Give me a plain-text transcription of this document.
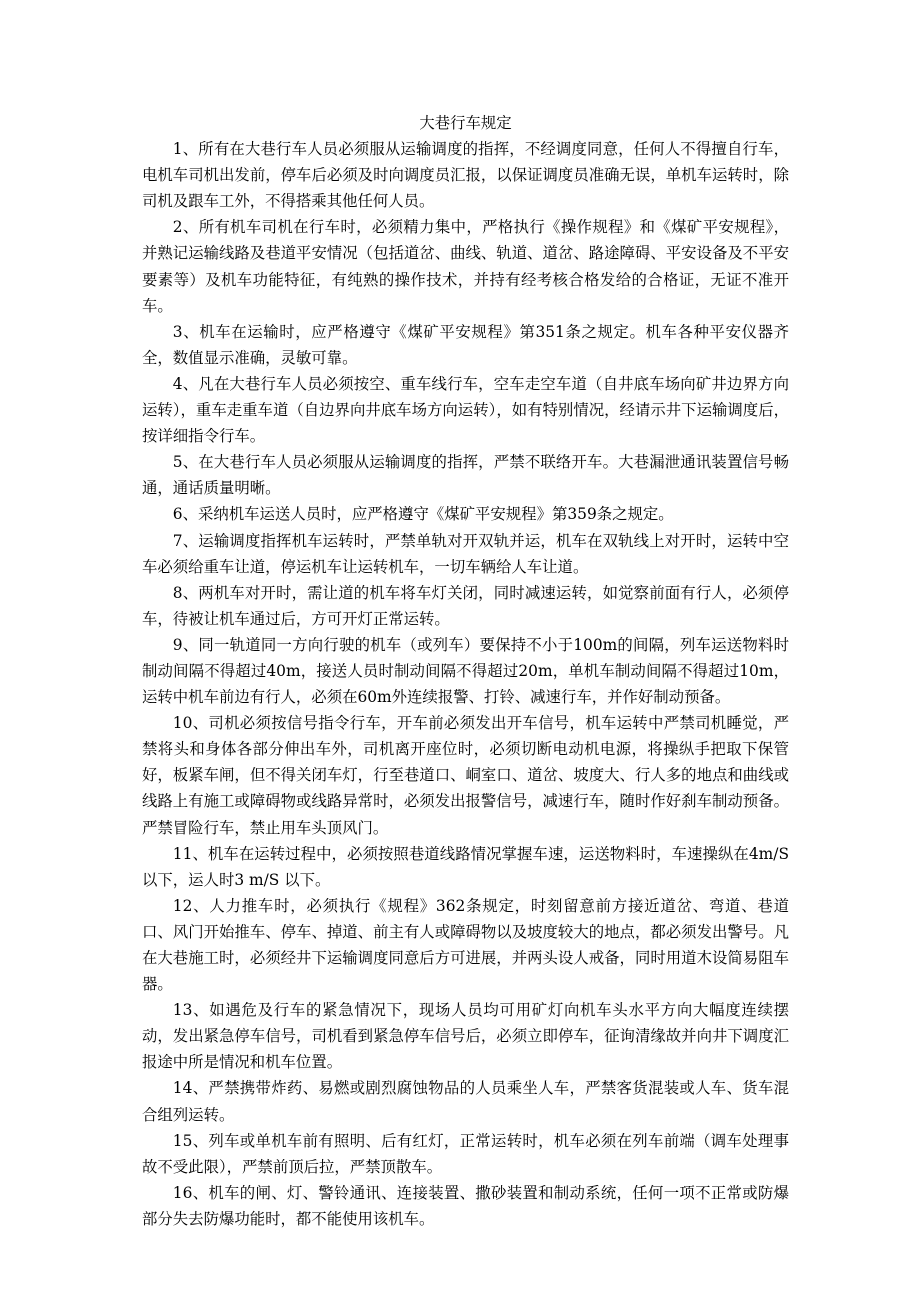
大巷行车规定

1、所有在大巷行车人员必须服从运输调度的指挥，不经调度同意，任何人不得擅自行车，电机车司机出发前，停车后必须及时向调度员汇报，以保证调度员准确无误，单机车运转时，除司机及跟车工外，不得搭乘其他任何人员。

2、所有机车司机在行车时，必须精力集中，严格执行《操作规程》和《煤矿平安规程》，并熟记运输线路及巷道平安情况（包括道岔、曲线、轨道、道岔、路途障碍、平安设备及不平安要素等）及机车功能特征，有纯熟的操作技术，并持有经考核合格发给的合格证，无证不准开车。

3、机车在运输时，应严格遵守《煤矿平安规程》第351条之规定。机车各种平安仪器齐全，数值显示准确，灵敏可靠。

4、凡在大巷行车人员必须按空、重车线行车，空车走空车道（自井底车场向矿井边界方向运转），重车走重车道（自边界向井底车场方向运转），如有特别情况，经请示井下运输调度后，按详细指令行车。

5、在大巷行车人员必须服从运输调度的指挥，严禁不联络开车。大巷漏泄通讯装置信号畅通，通话质量明晰。

6、采纳机车运送人员时，应严格遵守《煤矿平安规程》第359条之规定。

7、运输调度指挥机车运转时，严禁单轨对开双轨并运，机车在双轨线上对开时，运转中空车必须给重车让道，停运机车让运转机车，一切车辆给人车让道。

8、两机车对开时，需让道的机车将车灯关闭，同时减速运转，如觉察前面有行人，必须停车，待被让机车通过后，方可开灯正常运转。

9、同一轨道同一方向行驶的机车（或列车）要保持不小于100m的间隔，列车运送物料时制动间隔不得超过40m，接送人员时制动间隔不得超过20m，单机车制动间隔不得超过10m，运转中机车前边有行人，必须在60m外连续报警、打铃、减速行车，并作好制动预备。

10、司机必须按信号指令行车，开车前必须发出开车信号，机车运转中严禁司机睡觉，严禁将头和身体各部分伸出车外，司机离开座位时，必须切断电动机电源，将操纵手把取下保管好，板紧车闸，但不得关闭车灯，行至巷道口、峒室口、道岔、坡度大、行人多的地点和曲线或线路上有施工或障碍物或线路异常时，必须发出报警信号，减速行车，随时作好刹车制动预备。严禁冒险行车，禁止用车头顶风门。

11、机车在运转过程中，必须按照巷道线路情况掌握车速，运送物料时，车速操纵在4m/S以下，运人时3 m/S 以下。

12、人力推车时，必须执行《规程》362条规定，时刻留意前方接近道岔、弯道、巷道口、风门开始推车、停车、掉道、前主有人或障碍物以及坡度较大的地点，都必须发出警号。凡在大巷施工时，必须经井下运输调度同意后方可进展，并两头设人戒备，同时用道木设简易阻车器。

13、如遇危及行车的紧急情况下，现场人员均可用矿灯向机车头水平方向大幅度连续摆动，发出紧急停车信号，司机看到紧急停车信号后，必须立即停车，征询清缘故并向井下调度汇报途中所是情况和机车位置。

14、严禁携带炸药、易燃或剧烈腐蚀物品的人员乘坐人车，严禁客货混装或人车、货车混合组列运转。

15、列车或单机车前有照明、后有红灯，正常运转时，机车必须在列车前端（调车处理事故不受此限），严禁前顶后拉，严禁顶散车。

16、机车的闸、灯、警铃通讯、连接装置、撒砂装置和制动系统，任何一项不正常或防爆部分失去防爆功能时，都不能使用该机车。
